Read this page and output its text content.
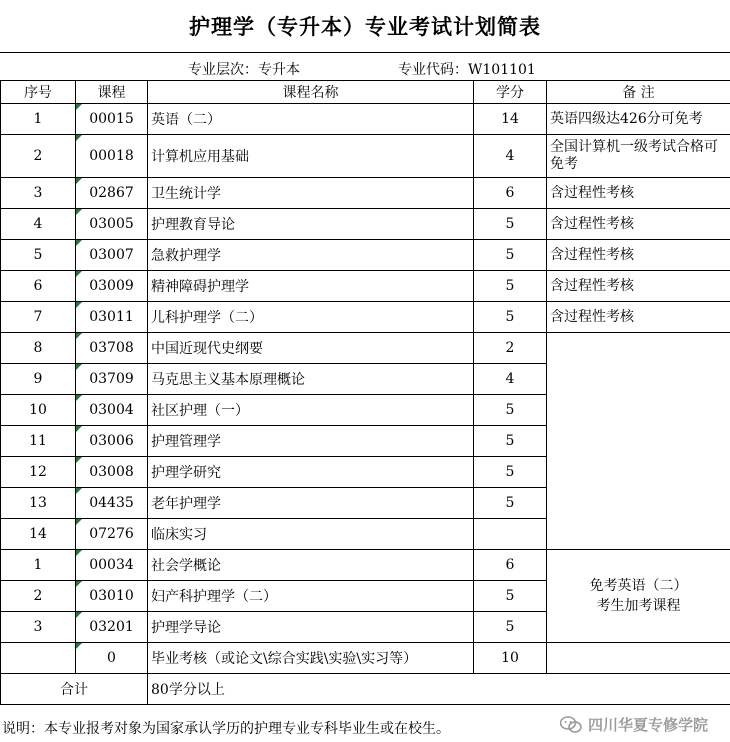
护理学（专升本）专业考试计划简表
专业层次：专升本	专业代码：W101101
序号	课程	课程名称	学分	备 注
1	00015	英语（二）	14	英语四级达426分可免考
2	00018	计算机应用基础	4	全国计算机一级考试合格可免考
3	02867	卫生统计学	6	含过程性考核
4	03005	护理教育导论	5	含过程性考核
5	03007	急救护理学	5	含过程性考核
6	03009	精神障碍护理学	5	含过程性考核
7	03011	儿科护理学（二）	5	含过程性考核
8	03708	中国近现代史纲要	2	
9	03709	马克思主义基本原理概论	4	
10	03004	社区护理（一）	5	
11	03006	护理管理学	5	
12	03008	护理学研究	5	
13	04435	老年护理学	5	
14	07276	临床实习		
1	00034	社会学概论	6	免考英语（二）
考生加考课程

2	03010	妇产科护理学（二）	5	
3	03201	护理学导论	5	
	0	毕业考核（或论文\综合实践\实验\实习等）	10	
合计		80学分以上		
说明：本专业报考对象为国家承认学历的护理专业专科毕业生或在校生。	四川华夏专修学院
